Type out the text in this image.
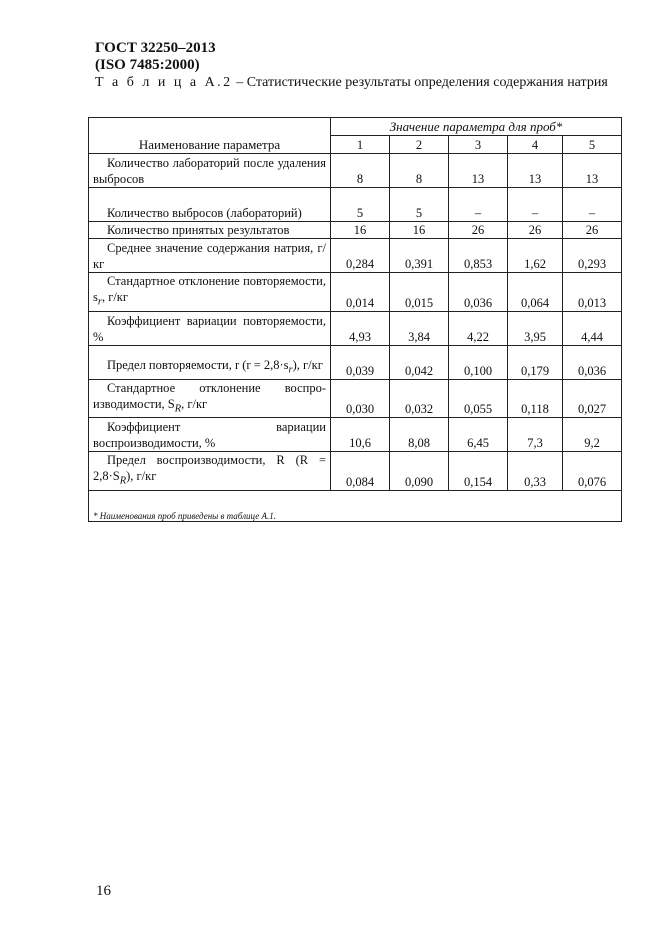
ГОСТ 32250–2013
(ISO 7485:2000)
Т а б л и ц а А.2 – Статистические результаты определения содержания натрия
Наименование параметра	Значение параметра для проб*				
	1	2	3	4	5
Количество лабораторий после удаления выбросов	8	8	13	13	13
Количество выбросов (лабораторий)	5	5	–	–	–
Количество принятых результатов	16	16	26	26	26
Среднее значение содержания натрия, г/кг	0,284	0,391	0,853	1,62	0,293
Стандартное отклонение повторяемости, $s_r$, г/кг	0,014	0,015	0,036	0,064	0,013
Коэффициент вариации повторяемости, %	4,93	3,84	4,22	3,95	4,44
Предел повторяемости, r $(r = 2,8\cdot s_r)$, г/кг	0,039	0,042	0,100	0,179	0,036
Стандартное отклонение воспроизводимости, $S_R$, г/кг	0,030	0,032	0,055	0,118	0,027
Коэффициент вариации воспроизводимости, %	10,6	8,08	6,45	7,3	9,2
Предел воспроизводимости, R $(R = 2,8\cdot S_R)$, г/кг	0,084	0,090	0,154	0,33	0,076
* Наименования проб приведены в таблице А.1.					
16
